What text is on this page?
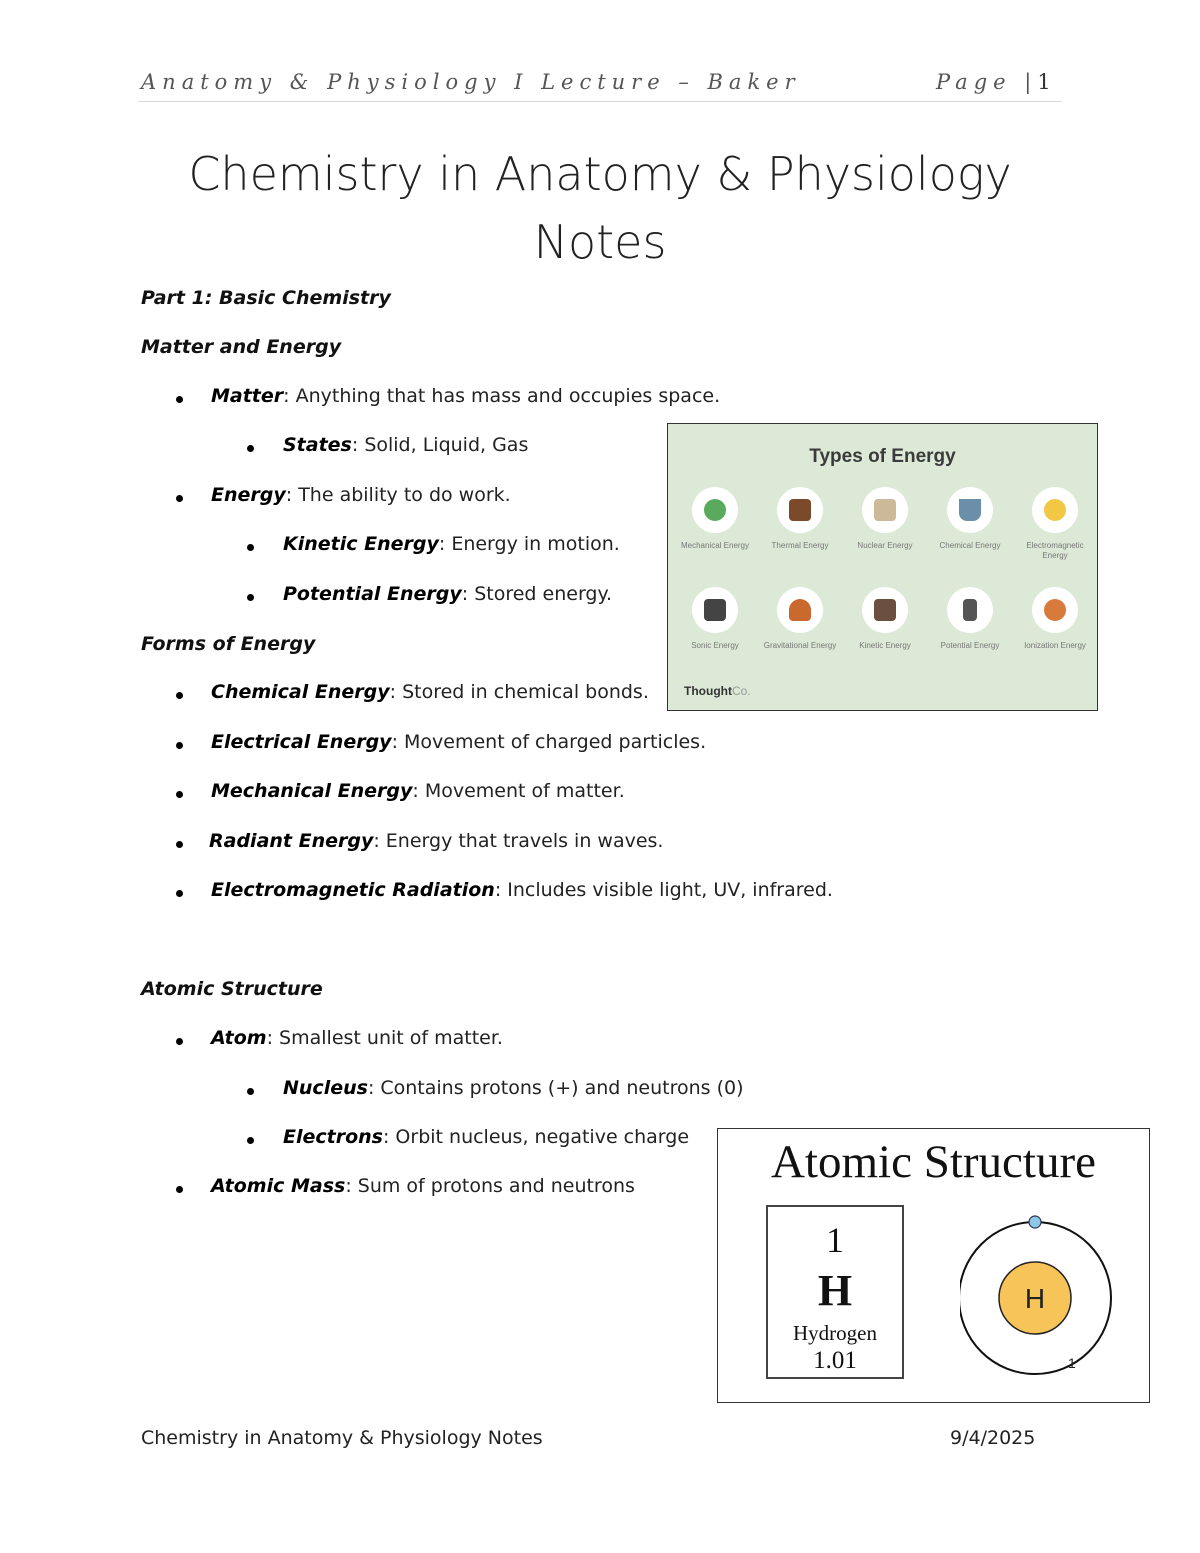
Anatomy & Physiology I Lecture – Baker	Page |1
Chemistry in Anatomy & Physiology
Notes
Part 1: Basic Chemistry
Matter and Energy
Matter: Anything that has mass and occupies space.
States: Solid, Liquid, Gas
Energy: The ability to do work.
Kinetic Energy: Energy in motion.
Potential Energy: Stored energy.
Forms of Energy
Chemical Energy: Stored in chemical bonds.
Electrical Energy: Movement of charged particles.
Mechanical Energy: Movement of matter.
Radiant Energy: Energy that travels in waves.
Electromagnetic Radiation: Includes visible light, UV, infrared.
Types of Energy
Mechanical Energy	Thermal Energy	Nuclear Energy	Chemical Energy	Electromagnetic Energy
Sonic Energy	Gravitational Energy	Kinetic Energy	Potential Energy	Ionization Energy
ThoughtCo.
Atomic Structure
Atom: Smallest unit of matter.
Nucleus: Contains protons (+) and neutrons (0)
Electrons: Orbit nucleus, negative charge
Atomic Mass: Sum of protons and neutrons	Atomic Structure
1
H
Hydrogen
1.01
H
1
Chemistry in Anatomy & Physiology Notes	9/4/2025
